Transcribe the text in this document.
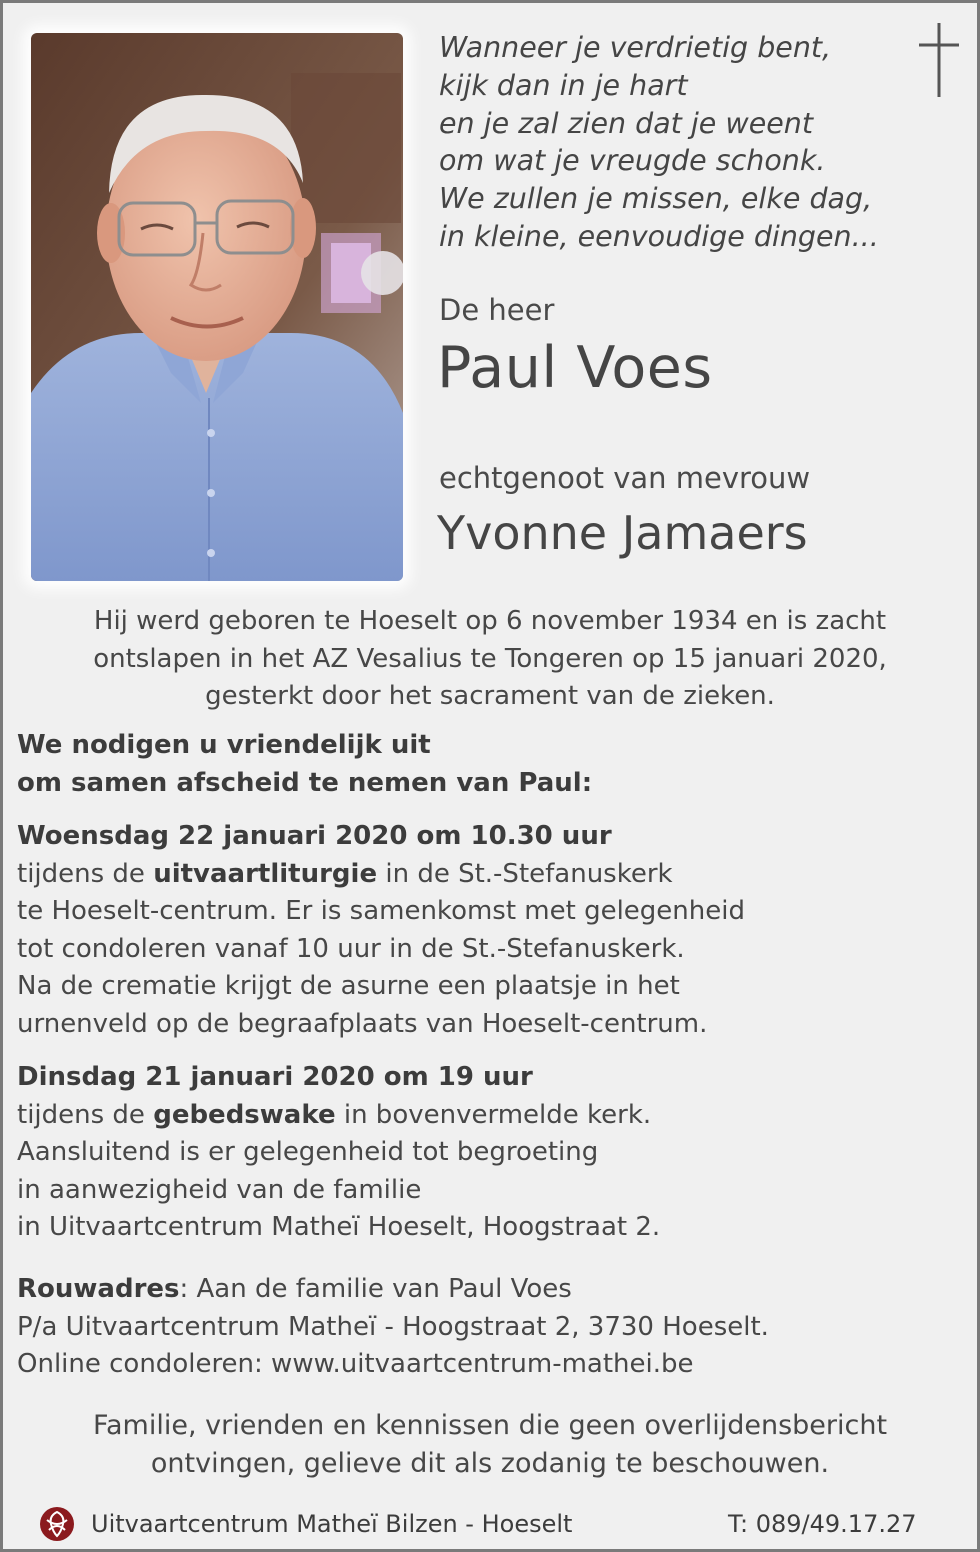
Wanneer je verdrietig bent,
kijk dan in je hart
en je zal zien dat je weent
om wat je vreugde schonk.
We zullen je missen, elke dag,
in kleine, eenvoudige dingen...
De heer
Paul Voes
echtgenoot van mevrouw
Yvonne Jamaers
Hij werd geboren te Hoeselt op 6 november 1934 en is zacht
ontslapen in het AZ Vesalius te Tongeren op 15 januari 2020,
gesterkt door het sacrament van de zieken.
We nodigen u vriendelijk uit
om samen afscheid te nemen van Paul:
Woensdag 22 januari 2020 om 10.30 uur
tijdens de uitvaartliturgie in de St.-Stefanuskerk
te Hoeselt-centrum. Er is samenkomst met gelegenheid
tot condoleren vanaf 10 uur in de St.-Stefanuskerk.
Na de crematie krijgt de asurne een plaatsje in het
urnenveld op de begraafplaats van Hoeselt-centrum.
Dinsdag 21 januari 2020 om 19 uur
tijdens de gebedswake in bovenvermelde kerk.
Aansluitend is er gelegenheid tot begroeting
in aanwezigheid van de familie
in Uitvaartcentrum Matheï Hoeselt, Hoogstraat 2.
Rouwadres: Aan de familie van Paul Voes
P/a Uitvaartcentrum Matheï - Hoogstraat 2, 3730 Hoeselt.
Online condoleren: www.uitvaartcentrum-mathei.be
Familie, vrienden en kennissen die geen overlijdensbericht
ontvingen, gelieve dit als zodanig te beschouwen.
Uitvaartcentrum Matheï Bilzen - Hoeselt	T: 089/49.17.27
